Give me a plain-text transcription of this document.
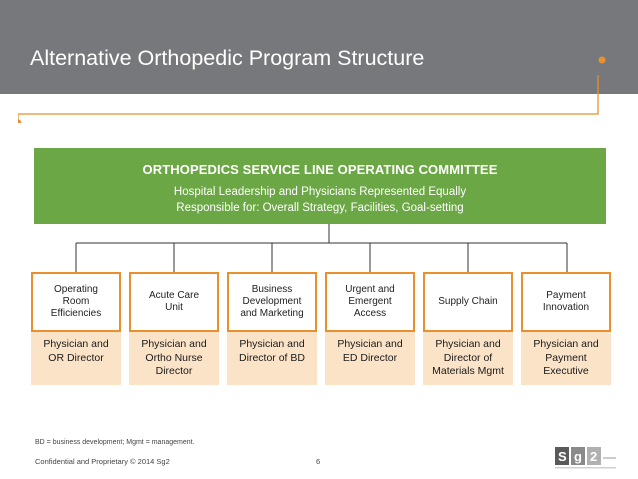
Alternative Orthopedic Program Structure
ORTHOPEDICS SERVICE LINE OPERATING COMMITTEE
Hospital Leadership and Physicians Represented Equally
Responsible for: Overall Strategy, Facilities, Goal-setting
Operating
Room
Efficiencies
Physician and
OR Director
Acute Care
Unit
Physician and
Ortho Nurse
Director
Business
Development
and Marketing
Physician and
Director of BD
Urgent and
Emergent
Access
Physician and
ED Director
Supply Chain
Physician and
Director of
Materials Mgmt
Payment
Innovation
Physician and
Payment
Executive
BD = business development; Mgmt = management.
Confidential and Proprietary © 2014 Sg2	6	S g 2
